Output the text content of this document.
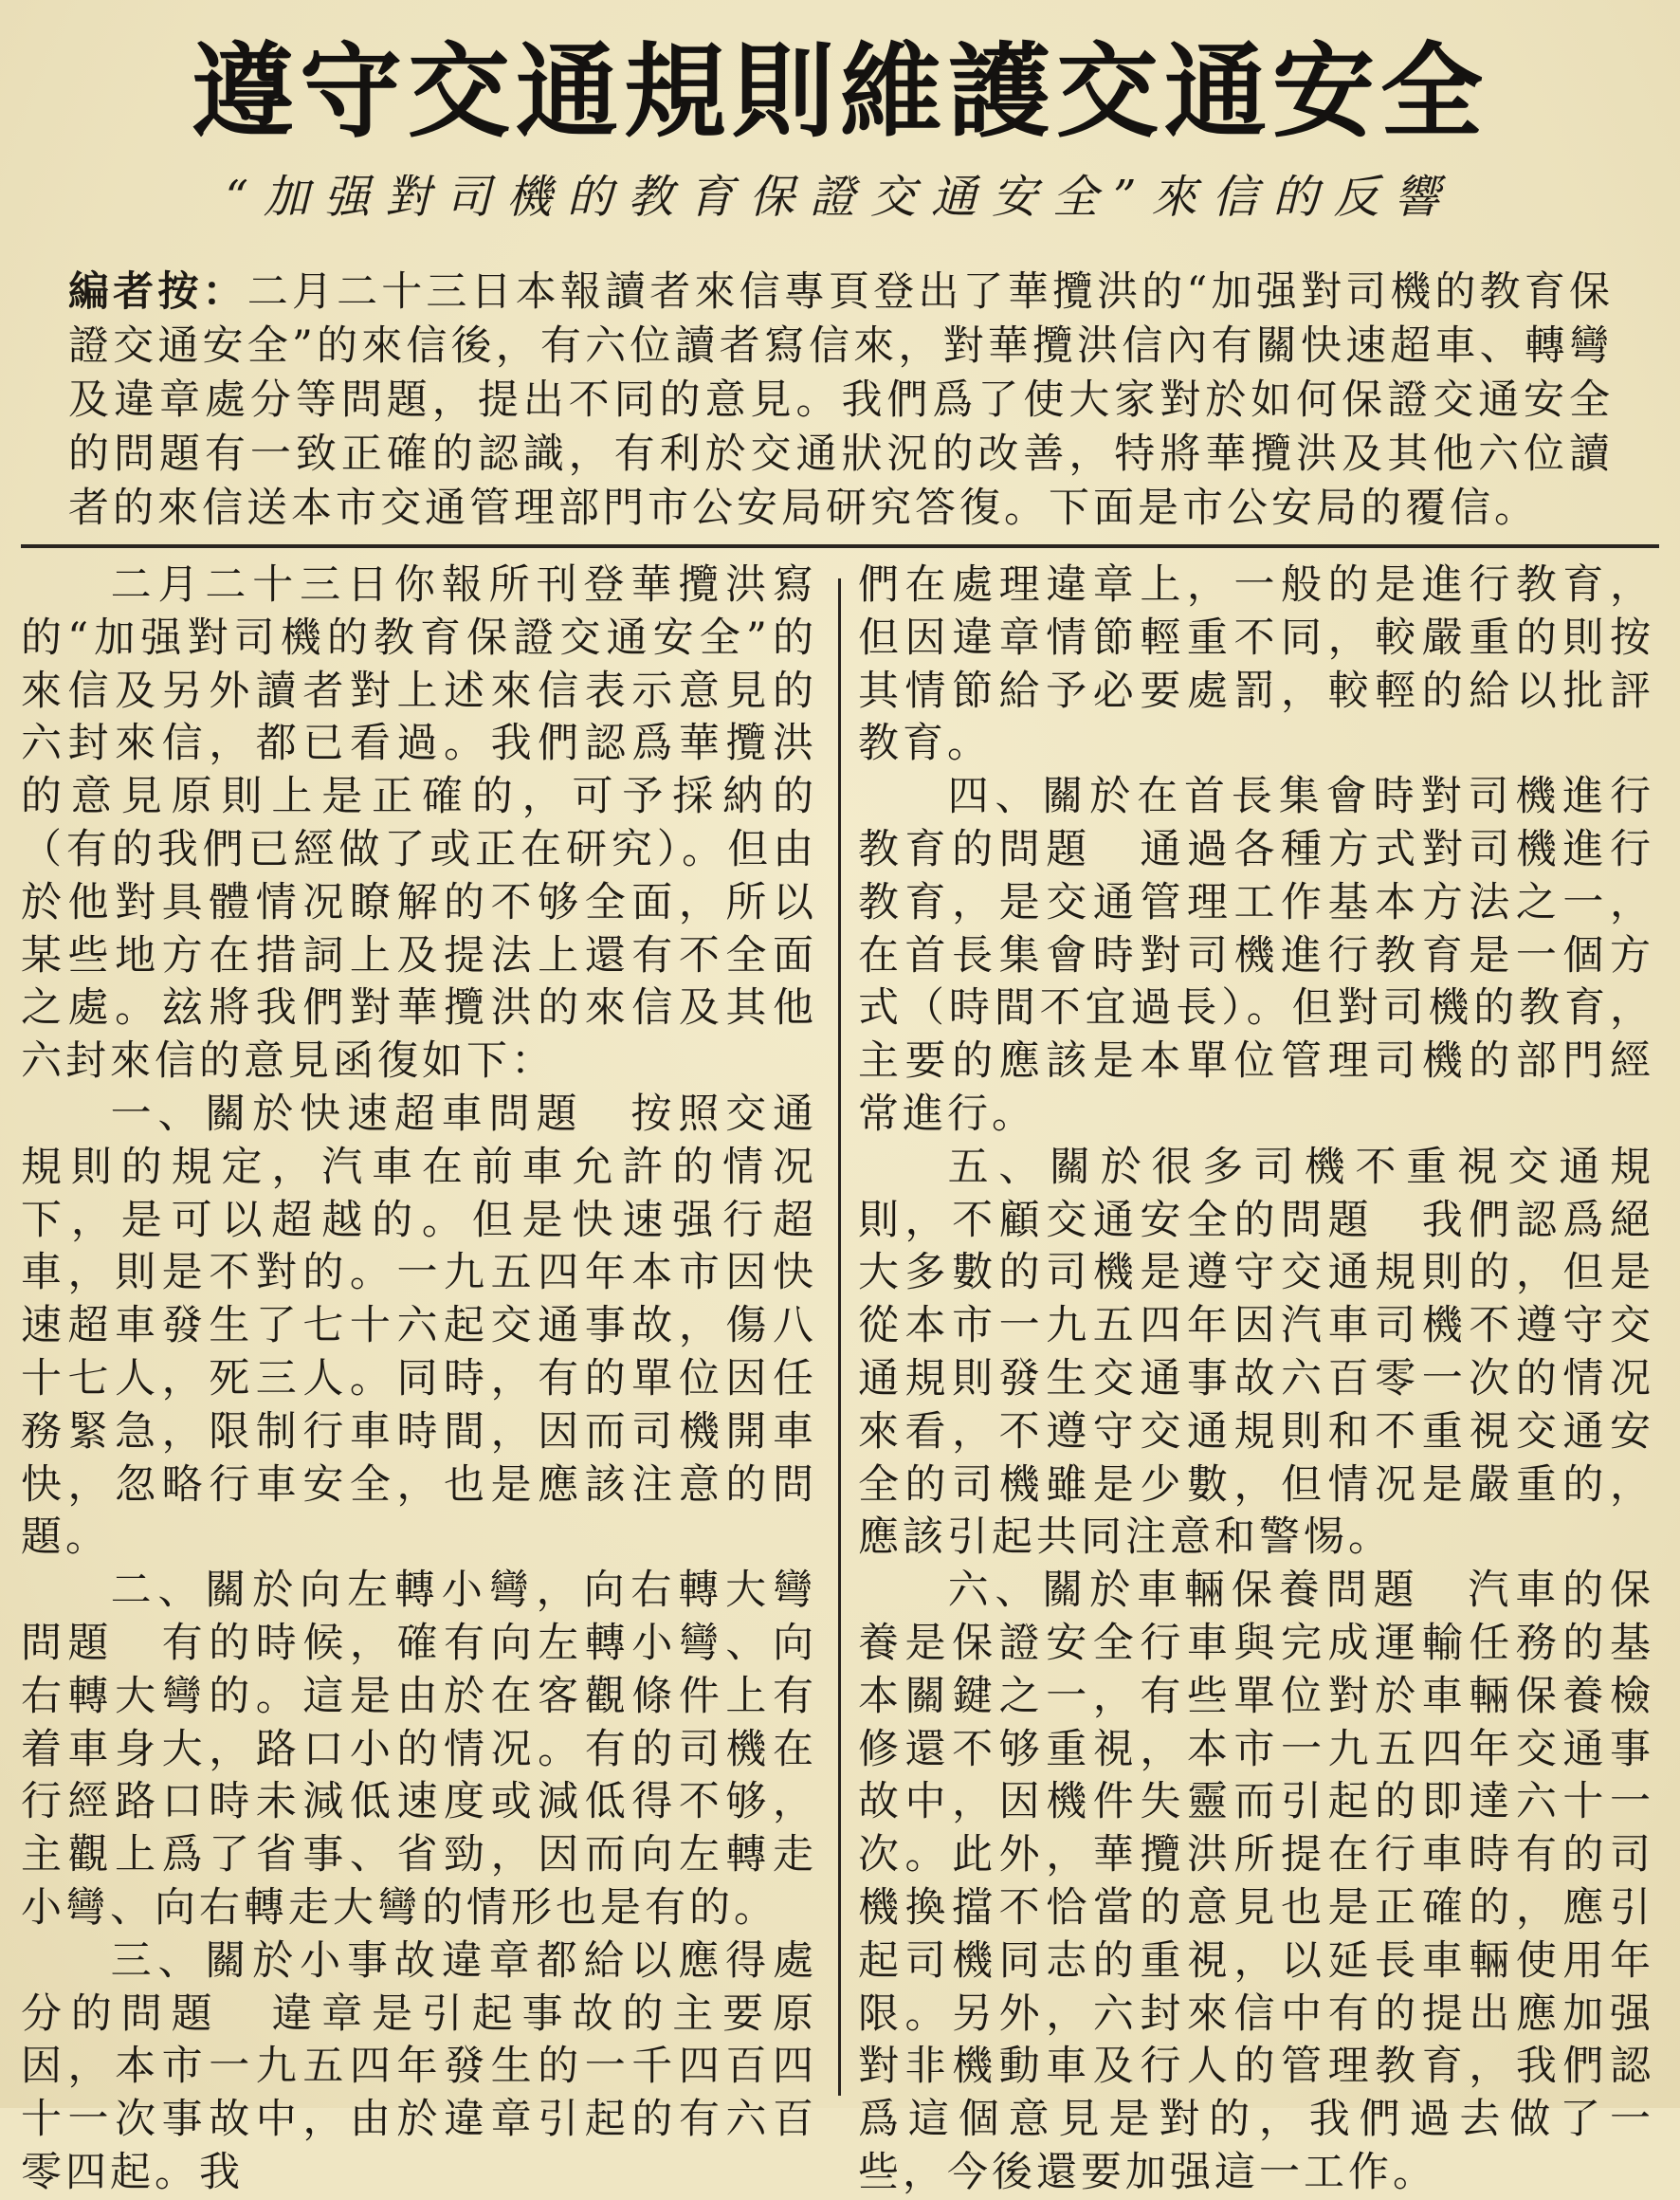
遵守交通規則維護交通安全
“加强對司機的教育保證交通安全”來信的反響
編者按：二月二十三日本報讀者來信專頁登出了華攬洪的“加强對司機的教育保證交通安全”的來信後，有六位讀者寫信來，對華攬洪信內有關快速超車、轉彎及違章處分等問題，提出不同的意見。我們爲了使大家對於如何保證交通安全的問題有一致正確的認識，有利於交通狀況的改善，特將華攬洪及其他六位讀者的來信送本市交通管理部門市公安局研究答復。下面是市公安局的覆信。

二月二十三日你報所刊登華攬洪寫的“加强對司機的教育保證交通安全”的來信及另外讀者對上述來信表示意見的六封來信，都已看過。我們認爲華攬洪的意見原則上是正確的，可予採納的（有的我們已經做了或正在研究）。但由於他對具體情况瞭解的不够全面，所以某些地方在措詞上及提法上還有不全面之處。玆將我們對華攬洪的來信及其他六封來信的意見函復如下：

一、關於快速超車問題　按照交通規則的規定，汽車在前車允許的情况下，是可以超越的。但是快速强行超車，則是不對的。一九五四年本市因快速超車發生了七十六起交通事故，傷八十七人，死三人。同時，有的單位因任務緊急，限制行車時間，因而司機開車快，忽略行車安全，也是應該注意的問題。

二、關於向左轉小彎，向右轉大彎問題　有的時候，確有向左轉小彎、向右轉大彎的。這是由於在客觀條件上有着車身大，路口小的情况。有的司機在行經路口時未減低速度或減低得不够，主觀上爲了省事、省勁，因而向左轉走小彎、向右轉走大彎的情形也是有的。

三、關於小事故違章都給以應得處分的問題　違章是引起事故的主要原因，本市一九五四年發生的一千四百四十一次事故中，由於違章引起的有六百零四起。我

們在處理違章上，一般的是進行教育，但因違章情節輕重不同，較嚴重的則按其情節給予必要處罰，較輕的給以批評教育。

四、關於在首長集會時對司機進行教育的問題　通過各種方式對司機進行教育，是交通管理工作基本方法之一，在首長集會時對司機進行教育是一個方式（時間不宜過長）。但對司機的教育，主要的應該是本單位管理司機的部門經常進行。

五、關於很多司機不重視交通規則，不顧交通安全的問題　我們認爲絕大多數的司機是遵守交通規則的，但是從本市一九五四年因汽車司機不遵守交通規則發生交通事故六百零一次的情况來看，不遵守交通規則和不重視交通安全的司機雖是少數，但情况是嚴重的，應該引起共同注意和警惕。

六、關於車輛保養問題　汽車的保養是保證安全行車與完成運輸任務的基本關鍵之一，有些單位對於車輛保養檢修還不够重視，本市一九五四年交通事故中，因機件失靈而引起的即達六十一次。此外，華攬洪所提在行車時有的司機換擋不恰當的意見也是正確的，應引起司機同志的重視，以延長車輛使用年限。另外，六封來信中有的提出應加强對非機動車及行人的管理教育，我們認爲這個意見是對的，我們過去做了一些，今後還要加强這一工作。
